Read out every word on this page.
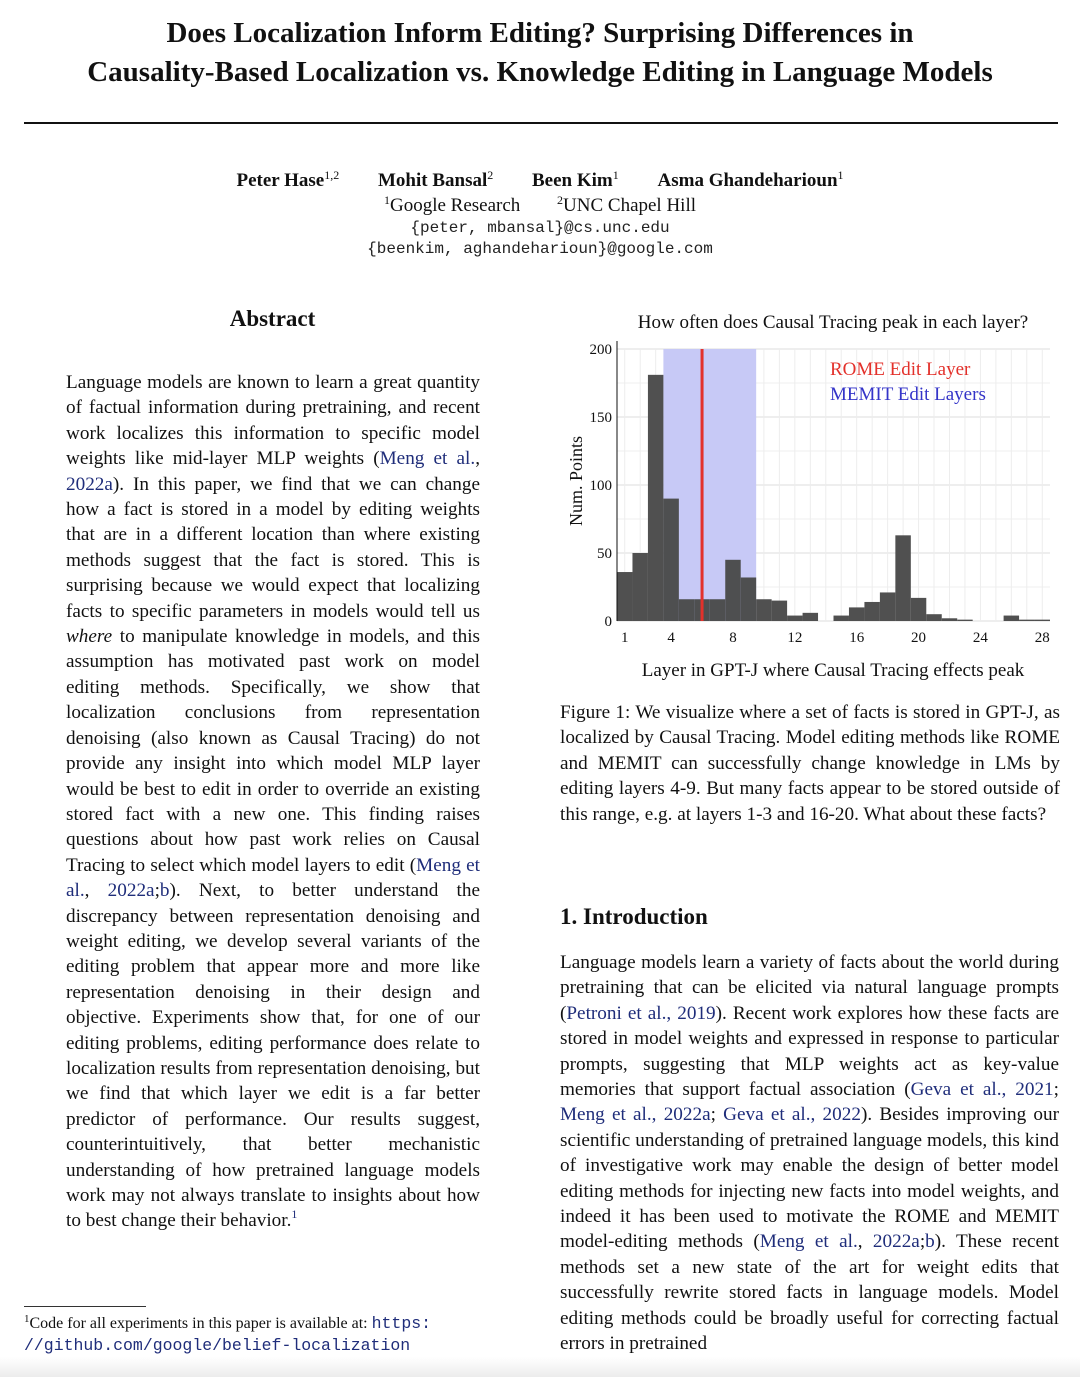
Does Localization Inform Editing? Surprising Differences in
Causality-Based Localization vs. Knowledge Editing in Language Models
Peter Hase$^{1,2}$ Mohit Bansal$^2$ Been Kim$^1$ Asma Ghandeharioun$^1$
$^1$Google Research	$^2$UNC Chapel Hill
{peter, mbansal}@cs.unc.edu
{beenkim, aghandeharioun}@google.com
Abstract
Language models are known to learn a great quantity of factual information during pretraining, and recent work localizes this information to specific model weights like mid-layer MLP weights (Meng et al., 2022a). In this paper, we find that we can change how a fact is stored in a model by editing weights that are in a different location than where existing methods suggest that the fact is stored. This is surprising because we would expect that localizing facts to specific parameters in models would tell us where to manipulate knowledge in models, and this assumption has motivated past work on model editing methods. Specifically, we show that localization conclusions from representation denoising (also known as Causal Tracing) do not provide any insight into which model MLP layer would be best to edit in order to override an existing stored fact with a new one. This finding raises questions about how past work relies on Causal Tracing to select which model layers to edit (Meng et al., 2022a;b). Next, to better understand the discrepancy between representation denoising and weight editing, we develop several variants of the editing problem that appear more and more like representation denoising in their design and objective. Experiments show that, for one of our editing problems, editing performance does relate to localization results from representation denoising, but we find that which layer we edit is a far better predictor of performance. Our results suggest, counterintuitively, that better mechanistic understanding of how pretrained language models work may not always translate to insights about how to best change their behavior.$^1$
$^1$Code for all experiments in this paper is available at: https:
//github.com/google/belief-localization
How often does Causal Tracing peak in each layer?
0
50
100
150
200
1	4	8	12	16	20	24	28
Num. Points
Layer in GPT-J where Causal Tracing effects peak
ROME Edit Layer
MEMIT Edit Layers
Figure 1: We visualize where a set of facts is stored in GPT-J, as localized by Causal Tracing. Model editing methods like ROME and MEMIT can successfully change knowledge in LMs by editing layers 4-9. But many facts appear to be stored outside of this range, e.g. at layers 1-3 and 16-20. What about these facts?
1. Introduction
Language models learn a variety of facts about the world during pretraining that can be elicited via natural language prompts (Petroni et al., 2019). Recent work explores how these facts are stored in model weights and expressed in response to particular prompts, suggesting that MLP weights act as key-value memories that support factual association (Geva et al., 2021; Meng et al., 2022a; Geva et al., 2022). Besides improving our scientific understanding of pretrained language models, this kind of investigative work may enable the design of better model editing methods for injecting new facts into model weights, and indeed it has been used to motivate the ROME and MEMIT model-editing methods (Meng et al., 2022a;b). These recent methods set a new state of the art for weight edits that successfully rewrite stored facts in language models. Model editing methods could be broadly useful for correcting factual errors in pretrained
